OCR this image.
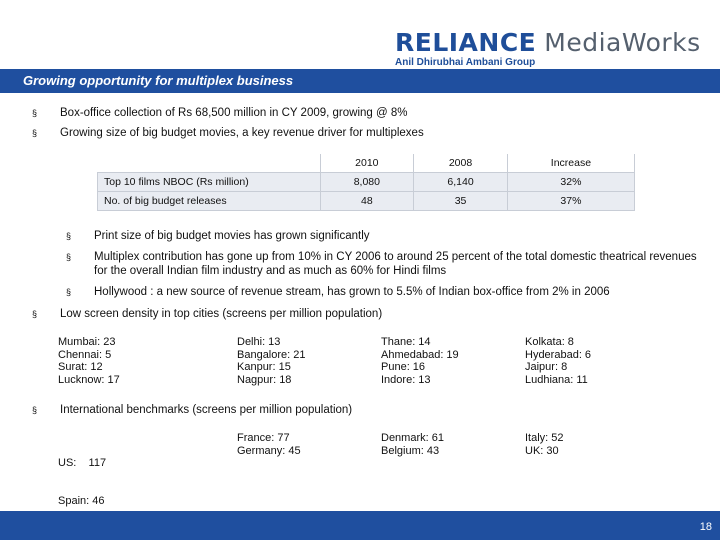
RELIANCE MediaWorks
Anil Dhirubhai Ambani Group
Growing opportunity for multiplex business
§ Box-office collection of Rs 68,500 million in CY 2009, growing @ 8%
§ Growing size of big budget movies, a key revenue driver for multiplexes
	2010	2008	Increase
Top 10 films NBOC (Rs million)	8,080	6,140	32%
No. of big budget releases	48	35	37%
§ Print size of big budget movies has grown significantly
§ Multiplex contribution has gone up from 10% in CY 2006 to around 25 percent of the total domestic theatrical revenues for the overall Indian film industry and as much as 60% for Hindi films
§ Hollywood : a new source of revenue stream, has grown to 5.5% of Indian box-office from 2% in 2006
§ Low screen density in top cities (screens per million population)
Mumbai: 23
Chennai: 5
Surat: 12
Lucknow: 17
Delhi: 13
Bangalore: 21
Kanpur: 15
Nagpur: 18
Thane: 14
Ahmedabad: 19
Pune: 16
Indore: 13
Kolkata: 8
Hyderabad: 6
Jaipur: 8
Ludhiana: 11
§ International benchmarks (screens per million population)

US:    117

Spain: 46

France: 77
Germany: 45
Denmark: 61
Belgium: 43
Italy: 52
UK: 30
18
